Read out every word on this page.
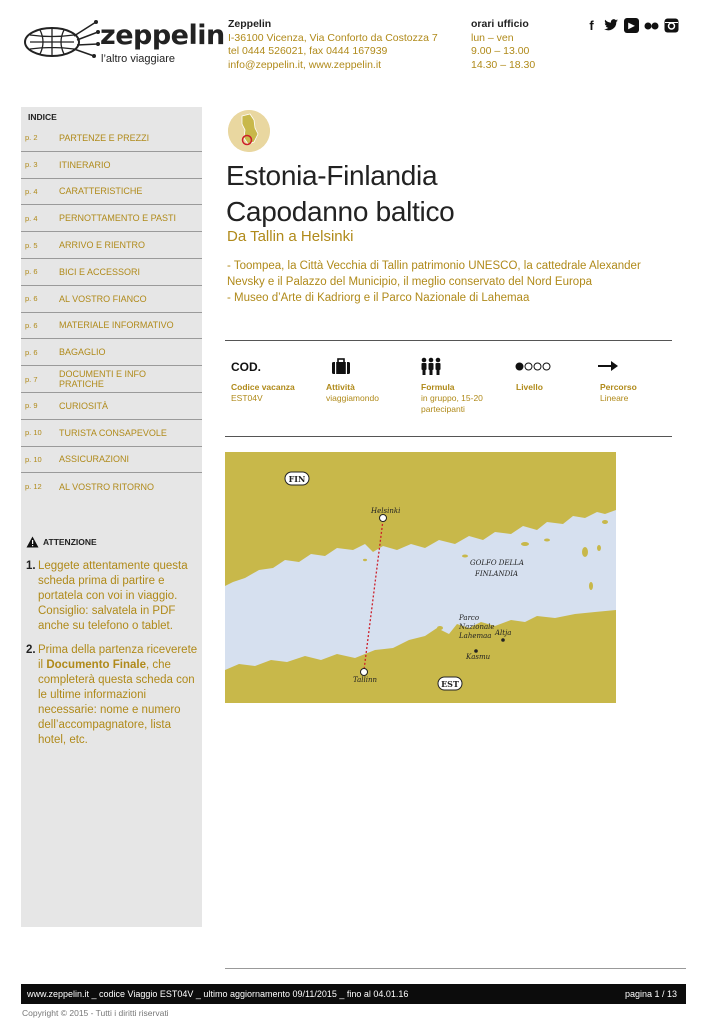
zeppelin
l’altro viaggiare
Zeppelin
I-36100 Vicenza, Via Conforto da Costozza 7
tel 0444 526021, fax 0444 167939
info@zeppelin.it, www.zeppelin.it
orari ufficio
lun – ven
9.00 – 13.00
14.30 – 18.30
f	▶
INDICE
p. 2	PARTENZE E PREZZI
p. 3	ITINERARIO
p. 4	CARATTERISTICHE
p. 4	PERNOTTAMENTO E PASTI
p. 5	ARRIVO E RIENTRO
p. 6	BICI E ACCESSORI
p. 6	AL VOSTRO FIANCO
p. 6	MATERIALE INFORMATIVO
p. 6	BAGAGLIO
p. 7	DOCUMENTI E INFO PRATICHE
p. 9	CURIOSITÀ
p. 10	TURISTA CONSAPEVOLE
p. 10	ASSICURAZIONI
p. 12	AL VOSTRO RITORNO
ATTENZIONE
1. Leggete attentamente questa scheda prima di partire e portatela con voi in viaggio. Consiglio: salvatela in PDF anche su telefono o tablet.
2. Prima della partenza riceverete il Documento Finale, che completerà questa scheda con le ultime informazioni necessarie: nome e numero dell’accompagnatore, lista hotel, etc.
Estonia-Finlandia
Capodanno baltico
Da Tallin a Helsinki
- Toompea, la Città Vecchia di Tallin patrimonio UNESCO, la cattedrale Alexander Nevsky e il Palazzo del Municipio, il meglio conservato del Nord Europa
- Museo d’Arte di Kadriorg e il Parco Nazionale di Lahemaa
COD.
Codice vacanza
EST04V
Attività
viaggiamondo
Formula
in gruppo, 15-20 partecipanti
Livello	Percorso
Lineare
FIN
EST
Helsinki
GOLFO DELLA
FINLANDIA
Parco
Nazionale
Lahemaa Altja
Kasmu
Tallinn
www.zeppelin.it _ codice Viaggio EST04V _ ultimo aggiornamento 09/11/2015 _ fino al 04.01.16	pagina 1 / 13
Copyright © 2015 - Tutti i diritti riservati
